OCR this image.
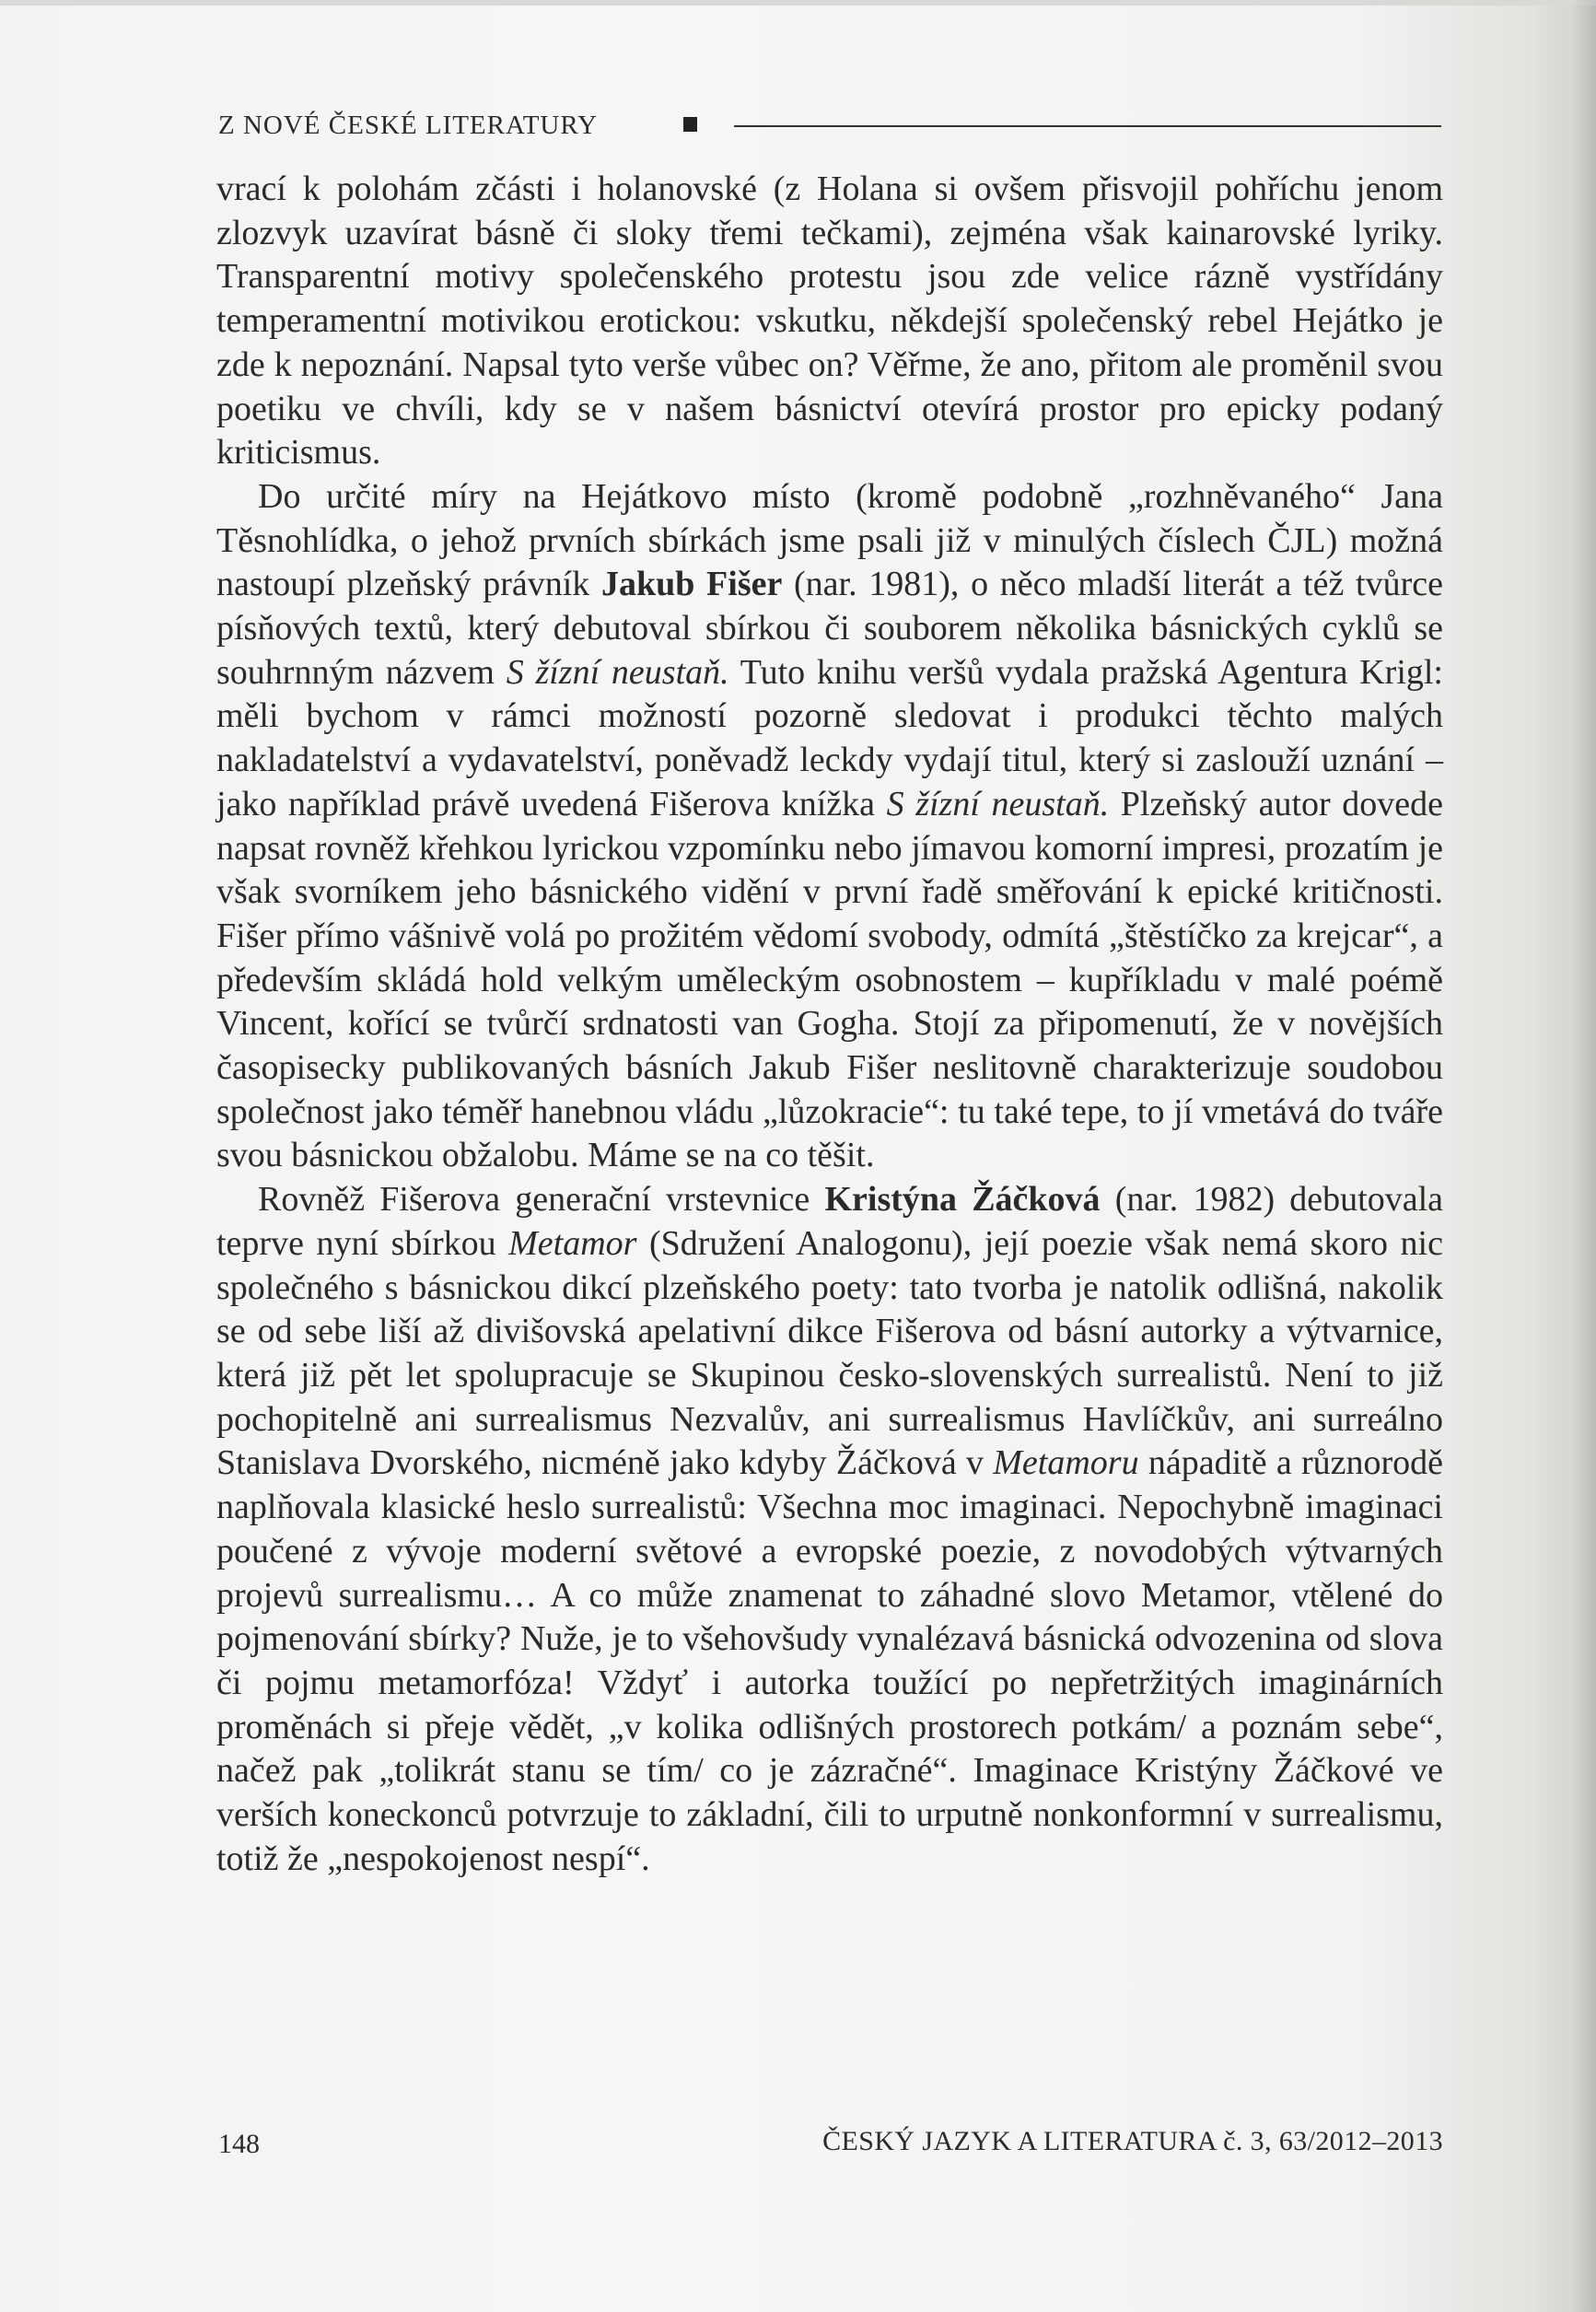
Z NOVÉ ČESKÉ LITERATURY

vrací k polohám zčásti i holanovské (z Holana si ovšem přisvojil pohříchu jenom zlozvyk uzavírat básně či sloky třemi tečkami), zejména však kainarovské lyriky. Transparentní motivy společenského protestu jsou zde velice rázně vystřídány temperamentní motivikou erotickou: vskutku, někdejší společenský rebel Hejátko je zde k nepoznání. Napsal tyto verše vůbec on? Věřme, že ano, přitom ale proměnil svou poetiku ve chvíli, kdy se v našem básnictví otevírá prostor pro epicky podaný kriticismus.

Do určité míry na Hejátkovo místo (kromě podobně „rozhněvaného“ Jana Těsnohlídka, o jehož prvních sbírkách jsme psali již v minulých číslech ČJL) možná nastoupí plzeňský právník Jakub Fišer (nar. 1981), o něco mladší literát a též tvůrce písňových textů, který debutoval sbírkou či souborem několika básnických cyklů se souhrnným názvem S žízní neustaň. Tuto knihu veršů vydala pražská Agentura Krigl: měli bychom v rámci možností pozorně sledovat i produkci těchto malých nakladatelství a vydavatelství, poněvadž leckdy vydají titul, který si zaslouží uznání – jako například právě uvedená Fišerova knížka S žízní neustaň. Plzeňský autor dovede napsat rovněž křehkou lyrickou vzpomínku nebo jímavou komorní impresi, prozatím je však svorníkem jeho básnického vidění v první řadě směřování k epické kritičnosti. Fišer přímo vášnivě volá po prožitém vědomí svobody, odmítá „štěstíčko za krejcar“, a především skládá hold velkým uměleckým osobnostem – kupříkladu v malé poémě Vincent, kořící se tvůrčí srdnatosti van Gogha. Stojí za připomenutí, že v novějších časopisecky publikovaných básních Jakub Fišer neslitovně charakterizuje soudobou společnost jako téměř hanebnou vládu „lůzokracie“: tu také tepe, to jí vmetává do tváře svou básnickou obžalobu. Máme se na co těšit.

Rovněž Fišerova generační vrstevnice Kristýna Žáčková (nar. 1982) debutovala teprve nyní sbírkou Metamor (Sdružení Analogonu), její poezie však nemá skoro nic společného s básnickou dikcí plzeňského poety: tato tvorba je natolik odlišná, nakolik se od sebe liší až divišovská apelativní dikce Fišerova od básní autorky a výtvarnice, která již pět let spolupracuje se Skupinou česko-slovenských surrealistů. Není to již pochopitelně ani surrealismus Nezvalův, ani surrealismus Havlíčkův, ani surreálno Stanislava Dvorského, nicméně jako kdyby Žáčková v Metamoru nápaditě a různorodě naplňovala klasické heslo surrealistů: Všechna moc imaginaci. Nepochybně imaginaci poučené z vývoje moderní světové a evropské poezie, z novodobých výtvarných projevů surrealismu… A co může znamenat to záhadné slovo Metamor, vtělené do pojmenování sbírky? Nuže, je to všehovšudy vynalézavá básnická odvozenina od slova či pojmu metamorfóza! Vždyť i autorka toužící po nepřetržitých imaginárních proměnách si přeje vědět, „v kolika odlišných prostorech potkám/ a poznám sebe“, načež pak „tolikrát stanu se tím/ co je zázračné“. Imaginace Kristýny Žáčkové ve verších koneckonců potvrzuje to základní, čili to urputně nonkonformní v surrealismu, totiž že „nespokojenost nespí“.

148	ČESKÝ JAZYK A LITERATURA č. 3, 63/2012–2013
